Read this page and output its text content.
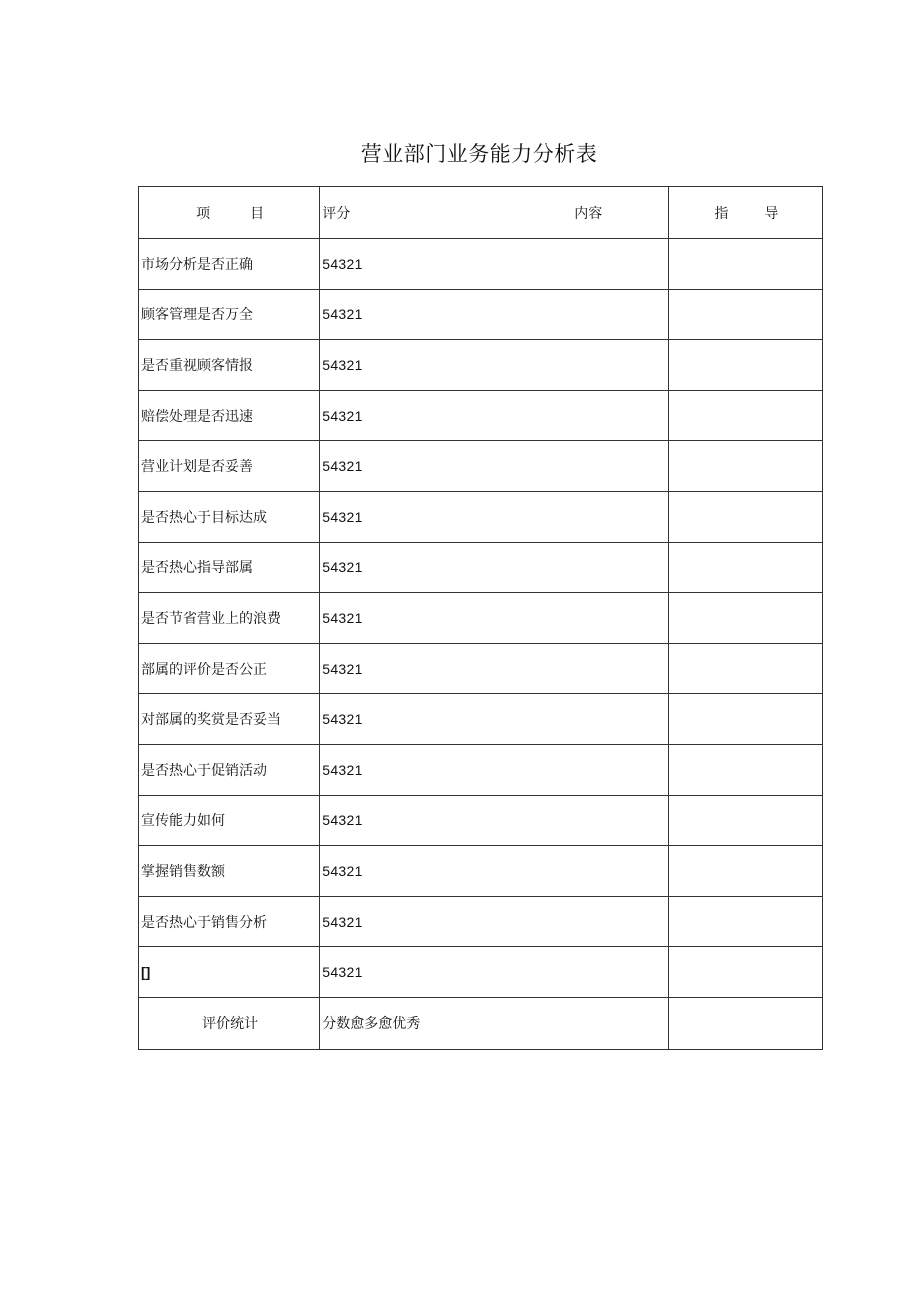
营业部门业务能力分析表
项 目	评分 内容	指 导
市场分析是否正确	54321	
顾客管理是否万全	54321	
是否重视顾客情报	54321	
赔偿处理是否迅速	54321	
营业计划是否妥善	54321	
是否热心于目标达成	54321	
是否热心指导部属	54321	
是否节省营业上的浪费	54321	
部属的评价是否公正	54321	
对部属的奖赏是否妥当	54321	
是否热心于促销活动	54321	
宣传能力如何	54321	
掌握销售数额	54321	
是否热心于销售分析	54321	
[]	54321	
评价统计	分数愈多愈优秀	
